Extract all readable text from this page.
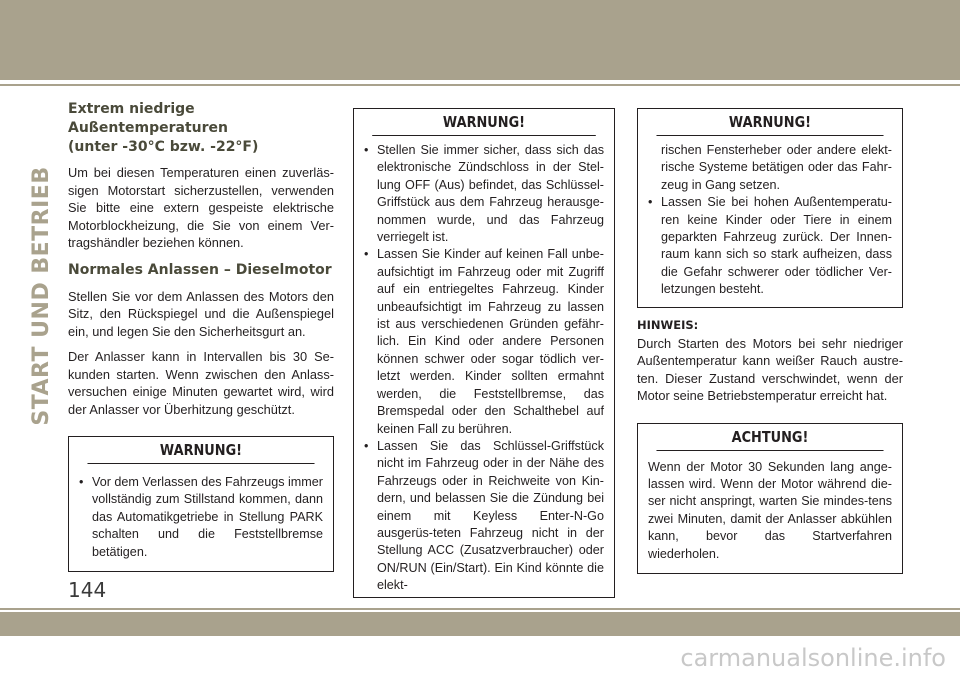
START UND BETRIEB
Extrem niedrige Außentemperaturen
(unter -30°C bzw. -22°F)

Um bei diesen Temperaturen einen zuverläs-sigen Motorstart sicherzustellen, verwenden Sie bitte eine extern gespeiste elektrische Motorblockheizung, die Sie von einem Ver-tragshändler beziehen können.

Normales Anlassen – Dieselmotor

Stellen Sie vor dem Anlassen des Motors den Sitz, den Rückspiegel und die Außenspiegel ein, und legen Sie den Sicherheitsgurt an.

Der Anlasser kann in Intervallen bis 30 Se-kunden starten. Wenn zwischen den Anlass-versuchen einige Minuten gewartet wird, wird der Anlasser vor Überhitzung geschützt.

WARNUNG!
• Vor dem Verlassen des Fahrzeugs immer vollständig zum Stillstand kommen, dann das Automatikgetriebe in Stellung PARK schalten und die Feststellbremse betätigen.
WARNUNG!
• Stellen Sie immer sicher, dass sich das elektronische Zündschloss in der Stel-lung OFF (Aus) befindet, das Schlüssel-Griffstück aus dem Fahrzeug herausge-nommen wurde, und das Fahrzeug verriegelt ist.
• Lassen Sie Kinder auf keinen Fall unbe-aufsichtigt im Fahrzeug oder mit Zugriff auf ein entriegeltes Fahrzeug. Kinder unbeaufsichtigt im Fahrzeug zu lassen ist aus verschiedenen Gründen gefähr-lich. Ein Kind oder andere Personen können schwer oder sogar tödlich ver-letzt werden. Kinder sollten ermahnt werden, die Feststellbremse, das Bremspedal oder den Schalthebel auf keinen Fall zu berühren.
• Lassen Sie das Schlüssel-Griffstück nicht im Fahrzeug oder in der Nähe des Fahrzeugs oder in Reichweite von Kin-dern, und belassen Sie die Zündung bei einem mit Keyless Enter-N-Go ausgerüs-teten Fahrzeug nicht in der Stellung ACC (Zusatzverbraucher) oder ON/RUN (Ein/Start). Ein Kind könnte die elekt-
WARNUNG!
rischen Fensterheber oder andere elekt-rische Systeme betätigen oder das Fahr-zeug in Gang setzen.
• Lassen Sie bei hohen Außentemperatu-ren keine Kinder oder Tiere in einem geparkten Fahrzeug zurück. Der Innen-raum kann sich so stark aufheizen, dass die Gefahr schwerer oder tödlicher Ver-letzungen besteht.
HINWEIS:

Durch Starten des Motors bei sehr niedriger Außentemperatur kann weißer Rauch austre-ten. Dieser Zustand verschwindet, wenn der Motor seine Betriebstemperatur erreicht hat.

ACHTUNG!
Wenn der Motor 30 Sekunden lang ange-lassen wird. Wenn der Motor während die-ser nicht anspringt, warten Sie mindes-tens zwei Minuten, damit der Anlasser abkühlen kann, bevor das Startverfahren wiederholen.
144
carmanualsonline.info
